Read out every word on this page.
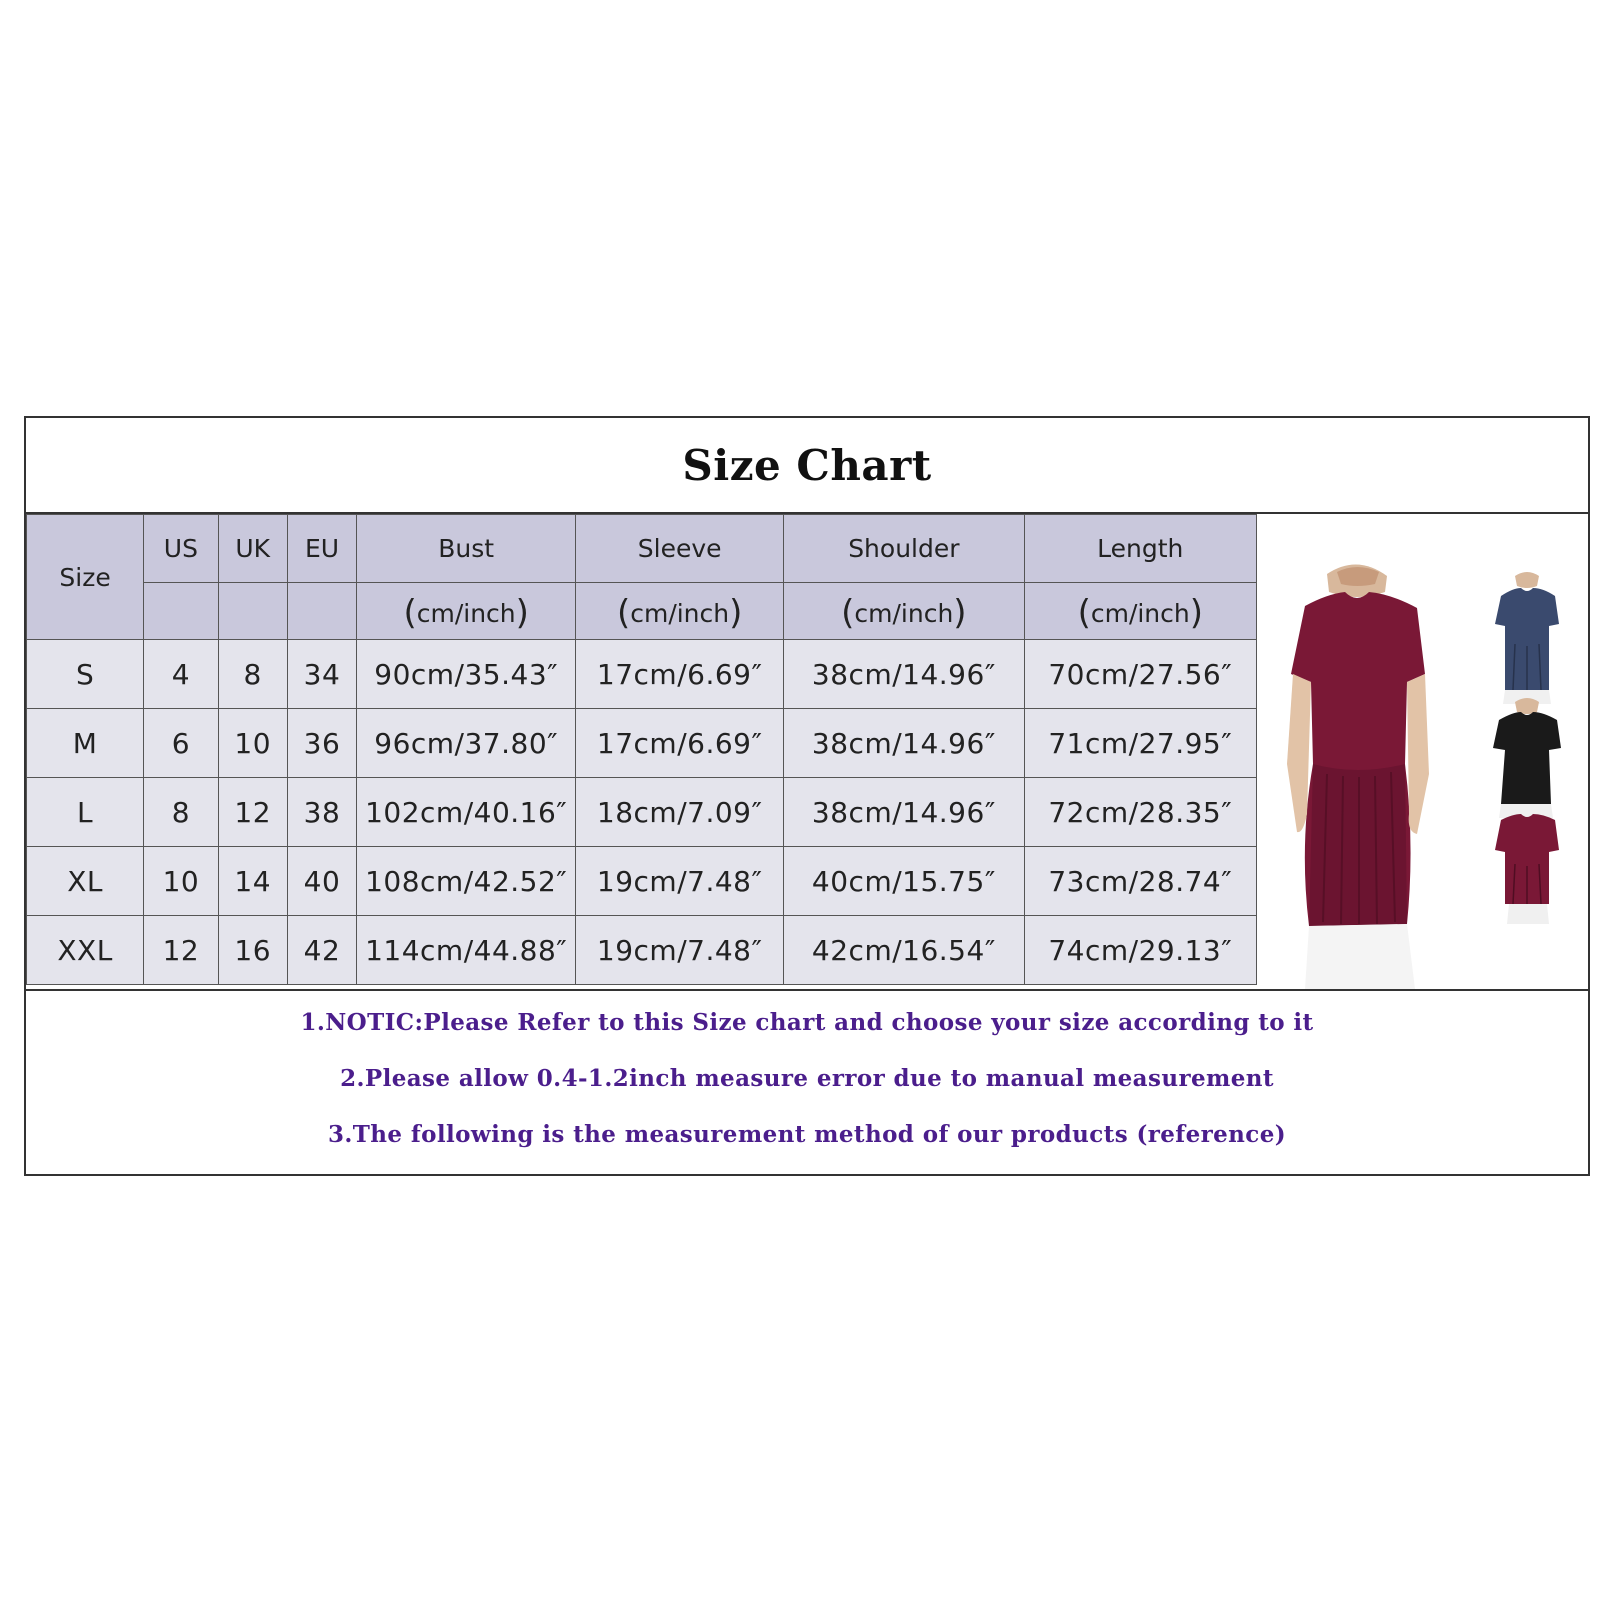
Size Chart
Size	US	UK	EU	Bust	Sleeve	Shoulder	Length
				(cm/inch)	(cm/inch)	(cm/inch)	(cm/inch)
S	4	8	34	90cm/35.43″	17cm/6.69″	38cm/14.96″	70cm/27.56″
M	6	10	36	96cm/37.80″	17cm/6.69″	38cm/14.96″	71cm/27.95″
L	8	12	38	102cm/40.16″	18cm/7.09″	38cm/14.96″	72cm/28.35″
XL	10	14	40	108cm/42.52″	19cm/7.48″	40cm/15.75″	73cm/28.74″
XXL	12	16	42	114cm/44.88″	19cm/7.48″	42cm/16.54″	74cm/29.13″
1.NOTIC:Please Refer to this Size chart and choose your size according to it
2.Please allow 0.4-1.2inch measure error due to manual measurement
3.The following is the measurement method of our products (reference)
